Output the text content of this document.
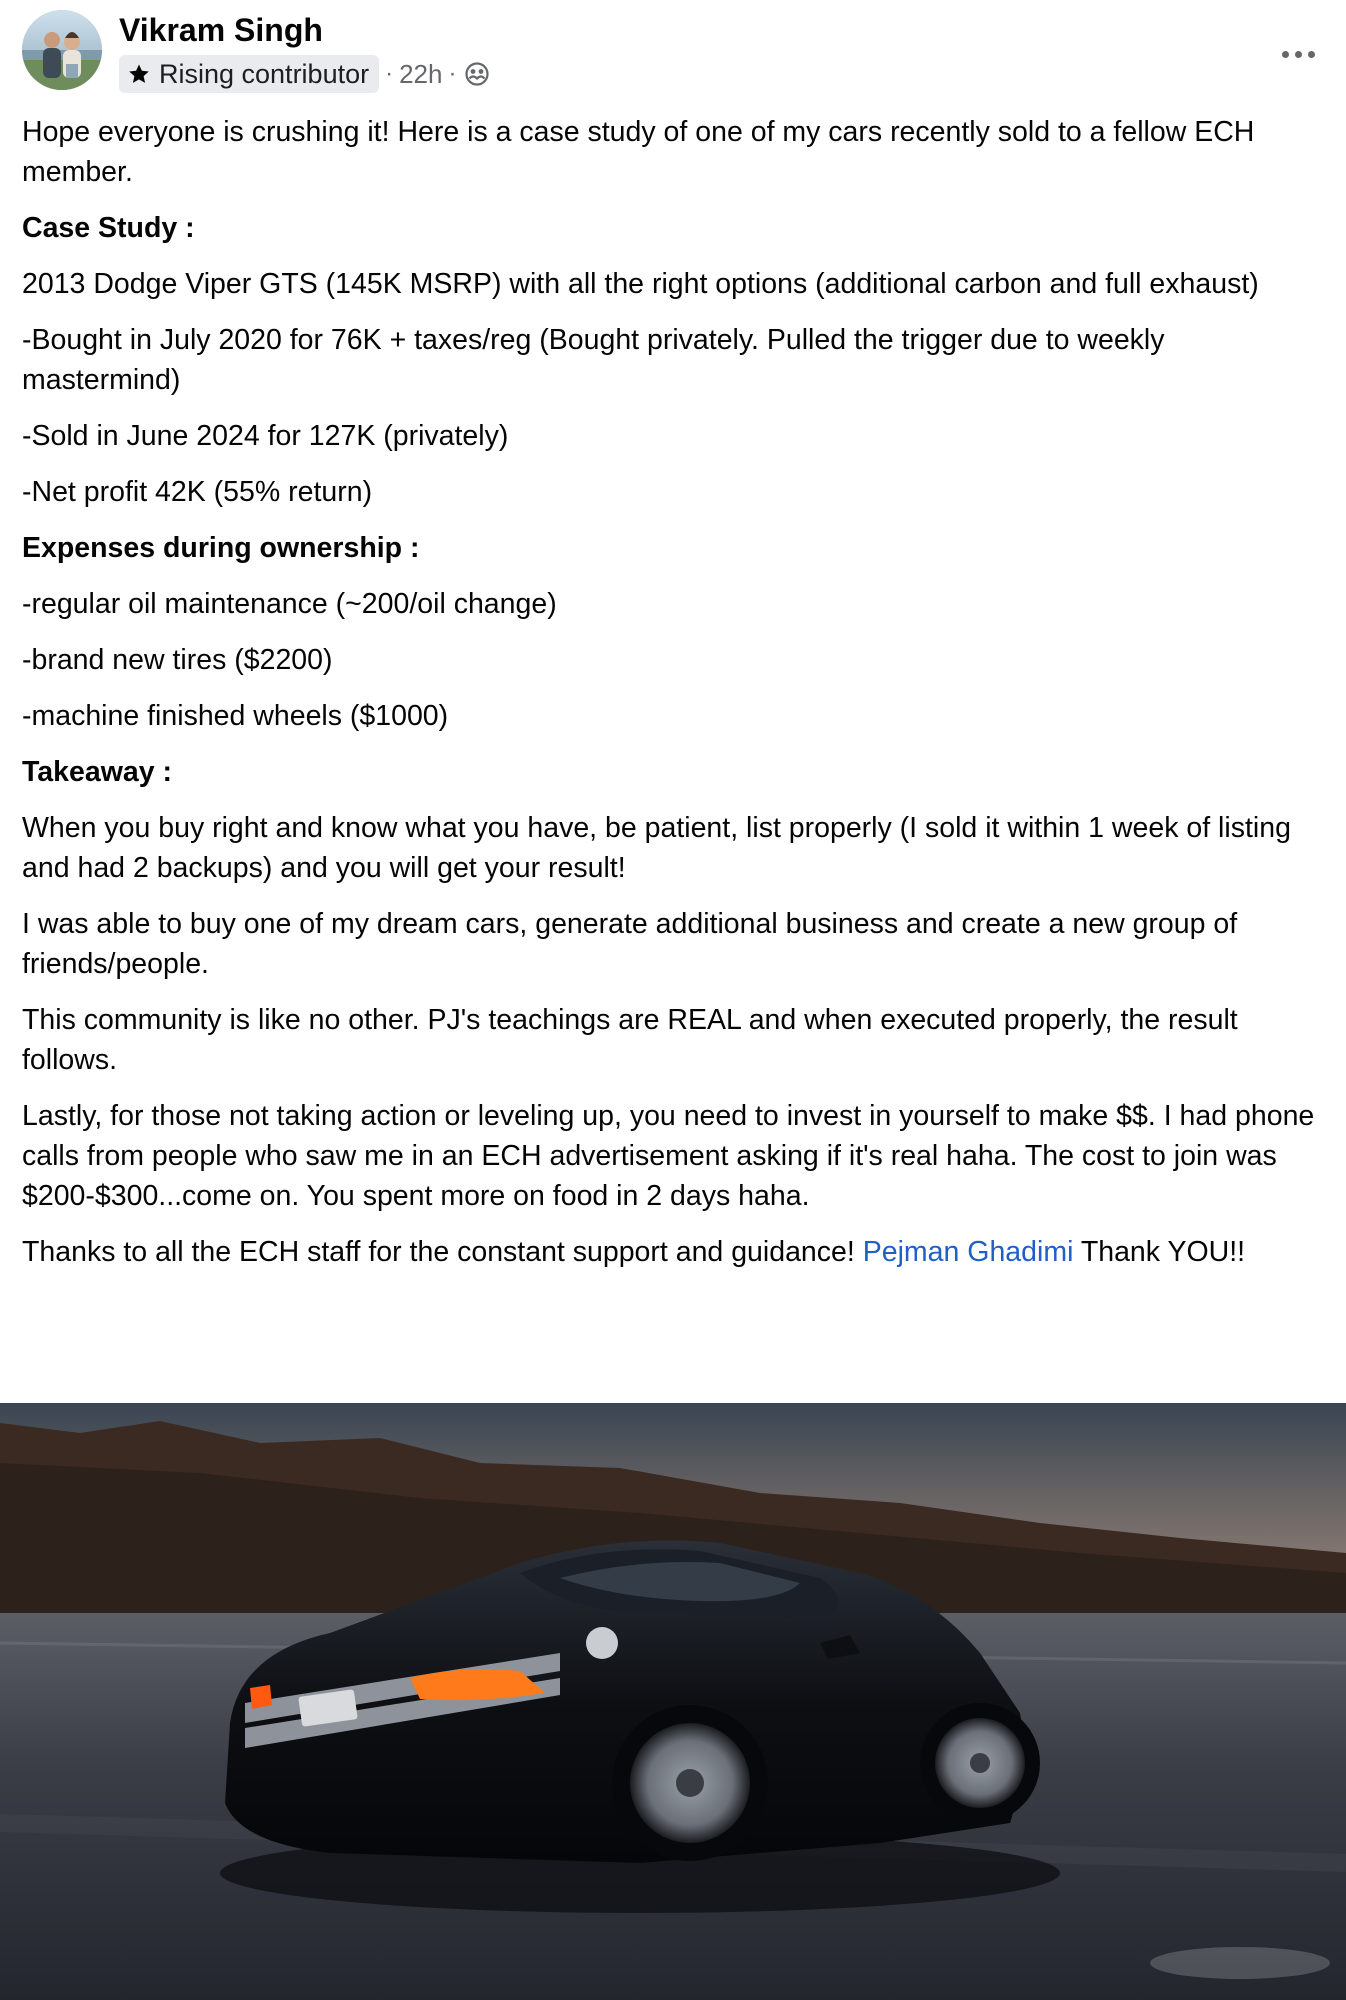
Vikram Singh
Rising contributor · 22h ·

Hope everyone is crushing it! Here is a case study of one of my cars recently sold to a fellow ECH member.

Case Study :

2013 Dodge Viper GTS (145K MSRP) with all the right options (additional carbon and full exhaust)

-Bought in July 2020 for 76K + taxes/reg (Bought privately. Pulled the trigger due to weekly mastermind)

-Sold in June 2024 for 127K (privately)

-Net profit 42K (55% return)

Expenses during ownership :

-regular oil maintenance (~200/oil change)

-brand new tires ($2200)

-machine finished wheels ($1000)

Takeaway :

When you buy right and know what you have, be patient, list properly (I sold it within 1 week of listing and had 2 backups) and you will get your result!

I was able to buy one of my dream cars, generate additional business and create a new group of friends/people.

This community is like no other. PJ's teachings are REAL and when executed properly, the result follows.

Lastly, for those not taking action or leveling up, you need to invest in yourself to make $$. I had phone calls from people who saw me in an ECH advertisement asking if it's real haha. The cost to join was $200-$300...come on. You spent more on food in 2 days haha.

Thanks to all the ECH staff for the constant support and guidance! Pejman Ghadimi Thank YOU!!
